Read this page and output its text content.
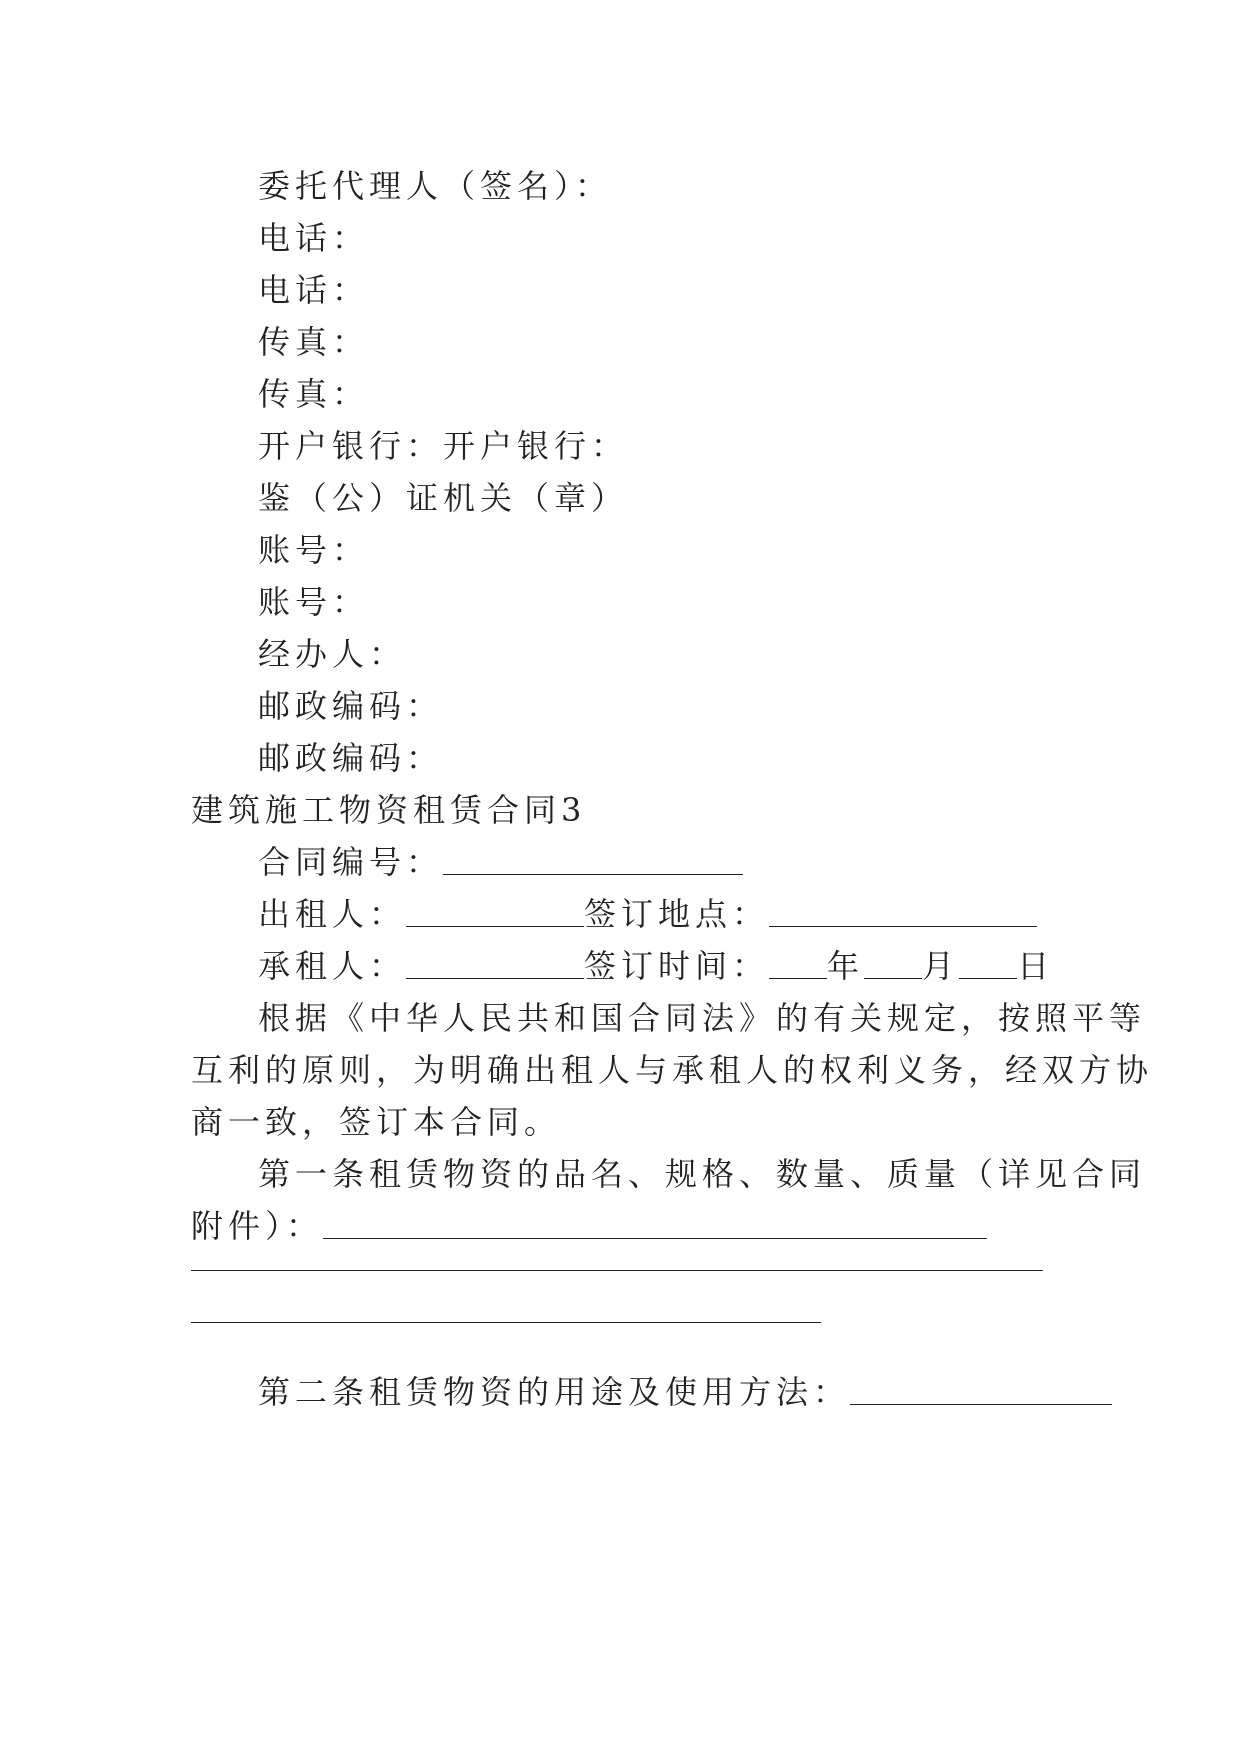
委托代理人（签名）：
电话：
电话：
传真：
传真：
开户银行：开户银行：
鉴（公）证机关（章）
账号：
账号：
经办人：
邮政编码：
邮政编码：
建筑施工物资租赁合同3
合同编号：
出租人：	签订地点：
承租人：	签订时间： 年 月 日
根据《中华人民共和国合同法》的有关规定，按照平等
互利的原则，为明确出租人与承租人的权利义务，经双方协
商一致，签订本合同。
第一条租赁物资的品名、规格、数量、质量（详见合同
附件）：
第二条租赁物资的用途及使用方法：
